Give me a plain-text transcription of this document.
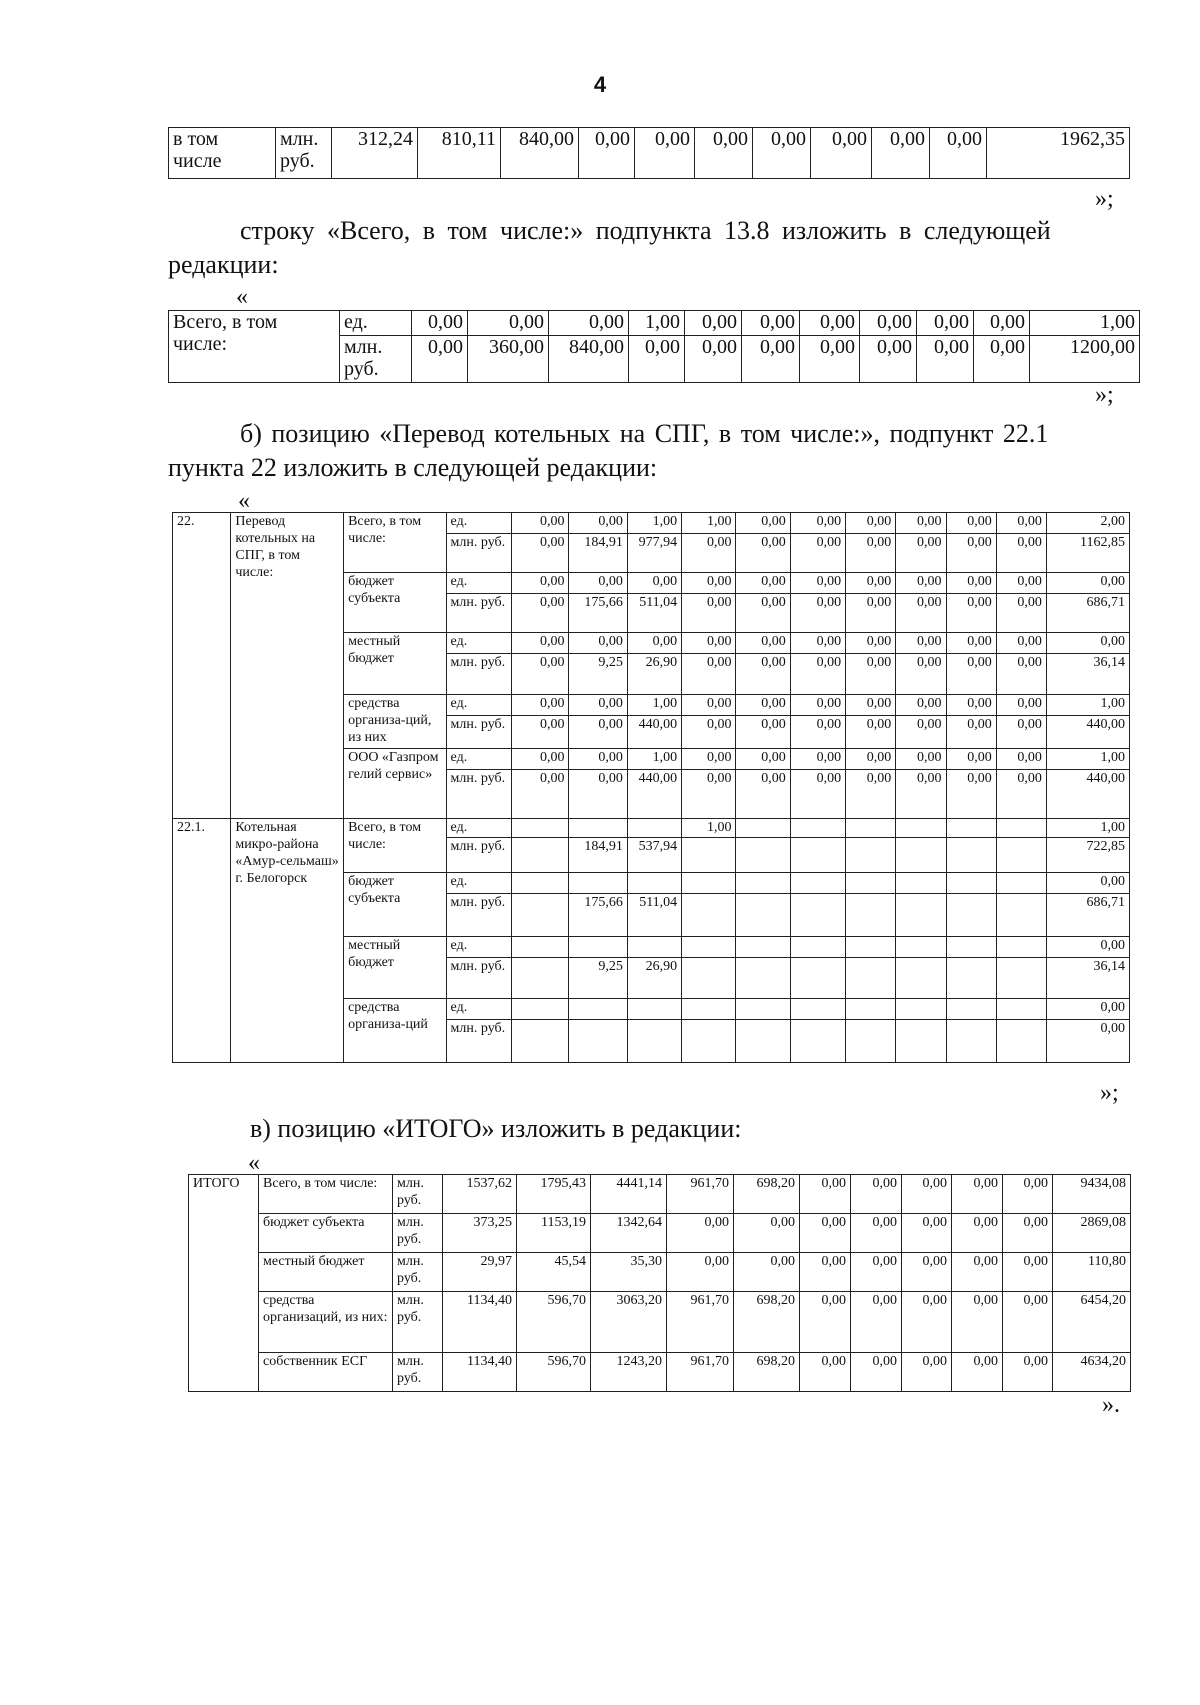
4
в том числе	млн. руб.	312,24	810,11	840,00	0,00	0,00	0,00	0,00	0,00	0,00	0,00	1962,35
»;
строку «Всего, в том числе:» подпункта 13.8 изложить в следующей
редакции:
«
Всего, в том числе:	ед.	0,00	0,00	0,00	1,00	0,00	0,00	0,00	0,00	0,00	0,00	1,00
	млн. руб.	0,00	360,00	840,00	0,00	0,00	0,00	0,00	0,00	0,00	0,00	1200,00
»;
б) позицию «Перевод котельных на СПГ, в том числе:», подпункт 22.1
пункта 22 изложить в следующей редакции:
«
22.	Перевод котельных на СПГ, в том числе:	Всего, в том числе:	ед.	0,00	0,00	1,00	1,00	0,00	0,00	0,00	0,00	0,00	0,00	2,00
			млн. руб.	0,00	184,91	977,94	0,00	0,00	0,00	0,00	0,00	0,00	0,00	1162,85
		бюджет субъекта	ед.	0,00	0,00	0,00	0,00	0,00	0,00	0,00	0,00	0,00	0,00	0,00
			млн. руб.	0,00	175,66	511,04	0,00	0,00	0,00	0,00	0,00	0,00	0,00	686,71
		местный бюджет	ед.	0,00	0,00	0,00	0,00	0,00	0,00	0,00	0,00	0,00	0,00	0,00
			млн. руб.	0,00	9,25	26,90	0,00	0,00	0,00	0,00	0,00	0,00	0,00	36,14
		средства организа-ций, из них	ед.	0,00	0,00	1,00	0,00	0,00	0,00	0,00	0,00	0,00	0,00	1,00
			млн. руб.	0,00	0,00	440,00	0,00	0,00	0,00	0,00	0,00	0,00	0,00	440,00
		ООО «Газпром гелий сервис»	ед.	0,00	0,00	1,00	0,00	0,00	0,00	0,00	0,00	0,00	0,00	1,00
			млн. руб.	0,00	0,00	440,00	0,00	0,00	0,00	0,00	0,00	0,00	0,00	440,00
22.1.	Котельная микро-района «Амур-сельмаш» г. Белогорск	Всего, в том числе:	ед.				1,00							1,00
			млн. руб.		184,91	537,94								722,85
		бюджет субъекта	ед.											0,00
			млн. руб.		175,66	511,04								686,71
		местный бюджет	ед.											0,00
			млн. руб.		9,25	26,90								36,14
		средства организа-ций	ед.											0,00
			млн. руб.											0,00
»;
в) позицию «ИТОГО» изложить в редакции:
«
ИТОГО	Всего, в том числе:	млн. руб.	1537,62	1795,43	4441,14	961,70	698,20	0,00	0,00	0,00	0,00	0,00	9434,08
	бюджет субъекта	млн. руб.	373,25	1153,19	1342,64	0,00	0,00	0,00	0,00	0,00	0,00	0,00	2869,08
	местный бюджет	млн. руб.	29,97	45,54	35,30	0,00	0,00	0,00	0,00	0,00	0,00	0,00	110,80
	средства организаций, из них:	млн. руб.	1134,40	596,70	3063,20	961,70	698,20	0,00	0,00	0,00	0,00	0,00	6454,20
	собственник ЕСГ	млн. руб.	1134,40	596,70	1243,20	961,70	698,20	0,00	0,00	0,00	0,00	0,00	4634,20
».
